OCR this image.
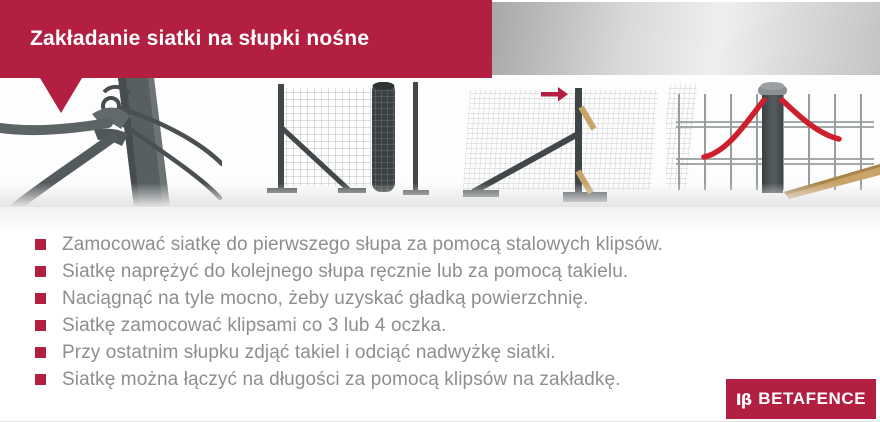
Zakładanie siatki na słupki nośne
Zamocować siatkę do pierwszego słupa za pomocą stalowych klipsów.
Siatkę naprężyć do kolejnego słupa ręcznie lub za pomocą takielu.
Naciągnąć na tyle mocno, żeby uzyskać gładką powierzchnię.
Siatkę zamocować klipsami co 3 lub 4 oczka.
Przy ostatnim słupku zdjąć takiel i odciąć nadwyżkę siatki.
Siatkę można łączyć na długości za pomocą klipsów na zakładkę.
Iβ BETAFENCE
